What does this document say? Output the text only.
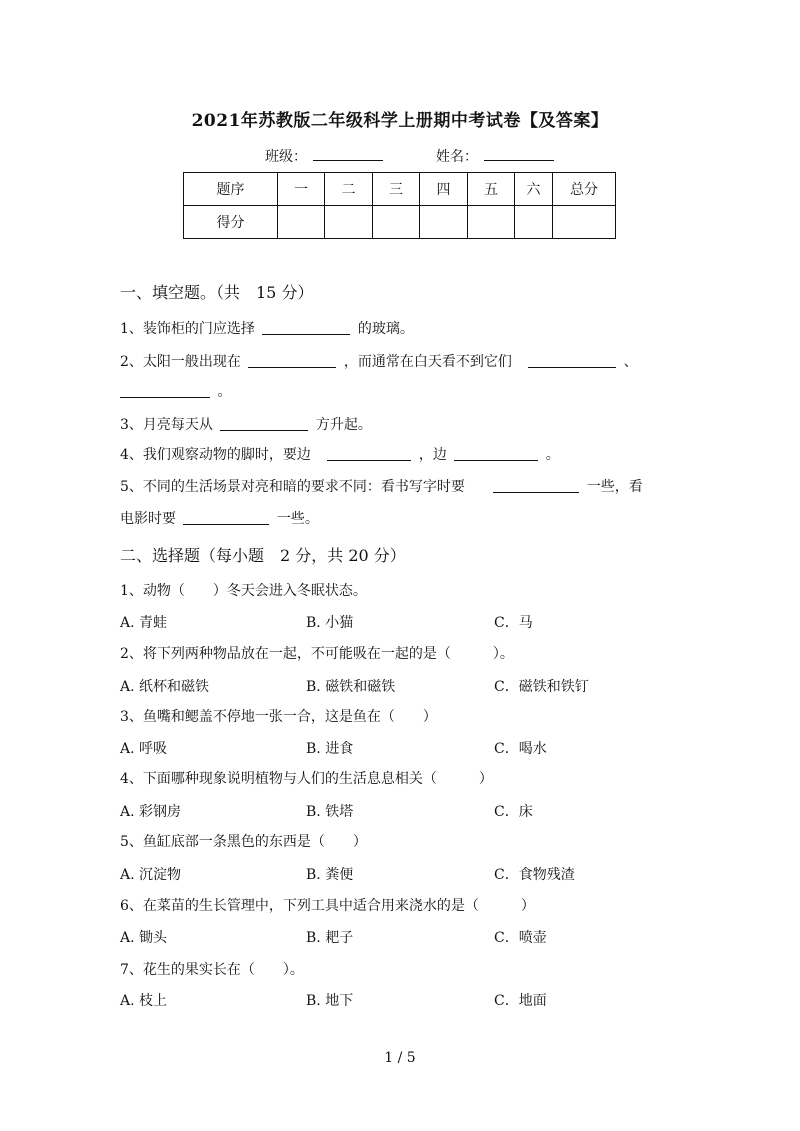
2021年苏教版二年级科学上册期中考试卷【及答案】
班级：	姓名：
题序	一	二	三	四	五	六	总分
得分							
一、填空题。（共　15 分）
1、装饰柜的门应选择	的玻璃。
2、太阳一般出现在	，而通常在白天看不到它们	、
。
3、月亮每天从	方升起。
4、我们观察动物的脚时，要边	，边	。
5、不同的生活场景对亮和暗的要求不同：看书写字时要	一些，看
电影时要	一些。
二、选择题（每小题　2 分，共 20 分）
1、动物（　　）冬天会进入冬眠状态。
A. 青蛙	B. 小猫	C．马
2、将下列两种物品放在一起，不可能吸在一起的是（　　　）。
A. 纸杯和磁铁	B. 磁铁和磁铁	C．磁铁和铁钉
3、鱼嘴和鳃盖不停地一张一合，这是鱼在（　　）
A. 呼吸	B. 进食	C．喝水
4、下面哪种现象说明植物与人们的生活息息相关（　　　）
A. 彩钢房	B. 铁塔	C．床
5、鱼缸底部一条黑色的东西是（　　）
A. 沉淀物	B. 粪便	C．食物残渣
6、在菜苗的生长管理中，下列工具中适合用来浇水的是（　　　）
A. 锄头	B. 耙子	C．喷壶
7、花生的果实长在（　　）。
A. 枝上	B. 地下	C．地面
1 / 5
